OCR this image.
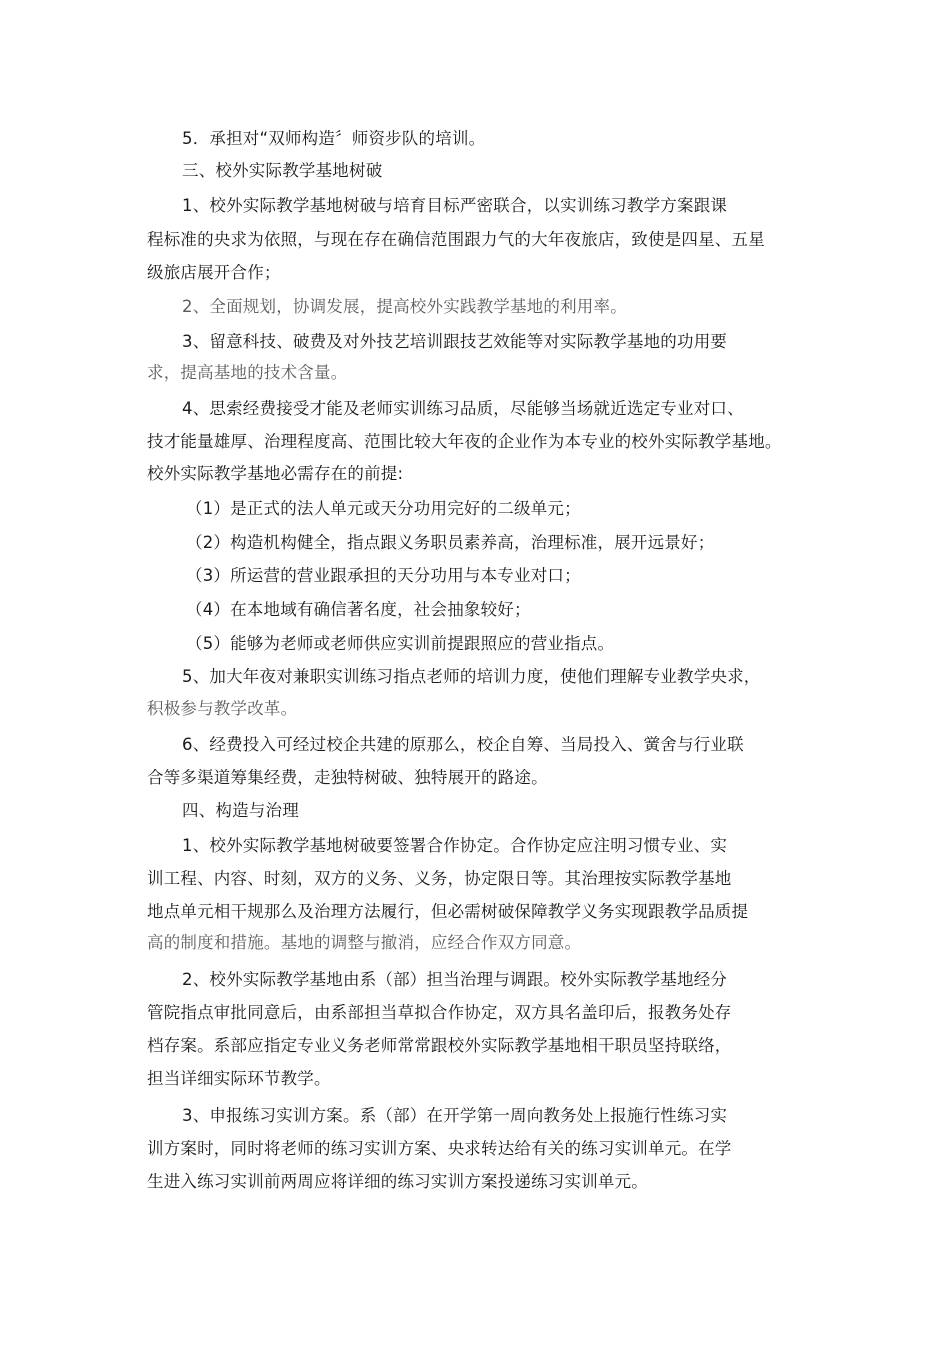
5．承担对“双师构造〞师资步队的培训。
三、校外实际教学基地树破
1、校外实际教学基地树破与培育目标严密联合，以实训练习教学方案跟课
程标准的央求为依照，与现在存在确信范围跟力气的大年夜旅店，致使是四星、五星
级旅店展开合作；
2、全面规划，协调发展，提高校外实践教学基地的利用率。
3、留意科技、破费及对外技艺培训跟技艺效能等对实际教学基地的功用要
求，提高基地的技术含量。
4、思索经费接受才能及老师实训练习品质，尽能够当场就近选定专业对口、
技才能量雄厚、治理程度高、范围比较大年夜的企业作为本专业的校外实际教学基地。
校外实际教学基地必需存在的前提:
（1）是正式的法人单元或天分功用完好的二级单元；
（2）构造机构健全，指点跟义务职员素养高，治理标准，展开远景好；
（3）所运营的营业跟承担的天分功用与本专业对口；
（4）在本地域有确信著名度，社会抽象较好；
（5）能够为老师或老师供应实训前提跟照应的营业指点。
5、加大年夜对兼职实训练习指点老师的培训力度，使他们理解专业教学央求，
积极参与教学改革。
6、经费投入可经过校企共建的原那么，校企自筹、当局投入、黉舍与行业联
合等多渠道筹集经费，走独特树破、独特展开的路途。
四、构造与治理
1、校外实际教学基地树破要签署合作协定。合作协定应注明习惯专业、实
训工程、内容、时刻，双方的义务、义务，协定限日等。其治理按实际教学基地
地点单元相干规那么及治理方法履行，但必需树破保障教学义务实现跟教学品质提
高的制度和措施。基地的调整与撤消，应经合作双方同意。
2、校外实际教学基地由系（部）担当治理与调跟。校外实际教学基地经分
管院指点审批同意后，由系部担当草拟合作协定，双方具名盖印后，报教务处存
档存案。系部应指定专业义务老师常常跟校外实际教学基地相干职员坚持联络，
担当详细实际环节教学。
3、申报练习实训方案。系（部）在开学第一周向教务处上报施行性练习实
训方案时，同时将老师的练习实训方案、央求转达给有关的练习实训单元。在学
生进入练习实训前两周应将详细的练习实训方案投递练习实训单元。
